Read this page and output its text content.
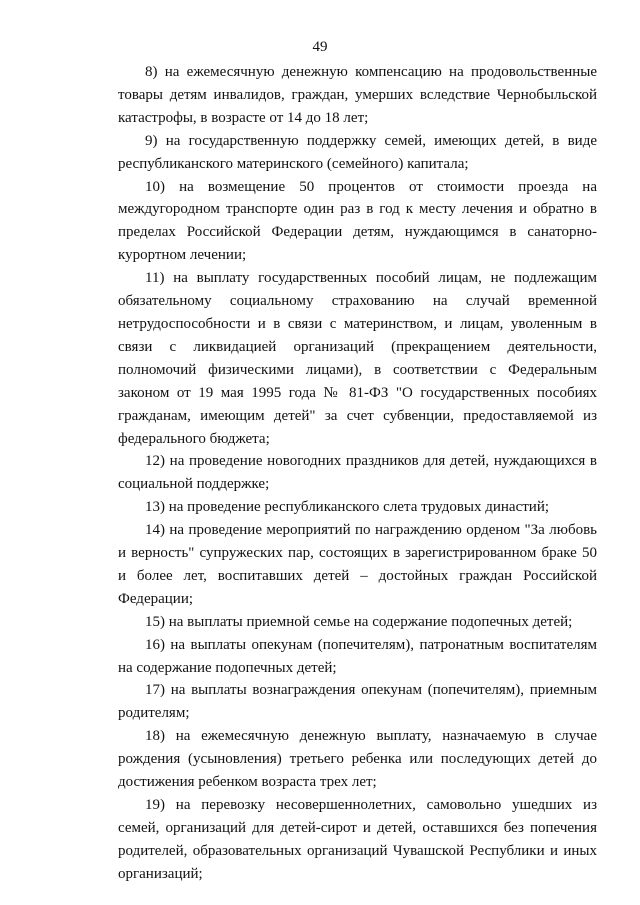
49

8) на ежемесячную денежную компенсацию на продовольственные товары детям инвалидов, граждан, умерших вследствие Чернобыльской катастрофы, в возрасте от 14 до 18 лет;

9) на государственную поддержку семей, имеющих детей, в виде республиканского материнского (семейного) капитала;

10) на возмещение 50 процентов от стоимости проезда на междугородном транспорте один раз в год к месту лечения и обратно в пределах Российской Федерации детям, нуждающимся в санаторно-курортном лечении;

11) на выплату государственных пособий лицам, не подлежащим обязательному социальному страхованию на случай временной нетрудоспособности и в связи с материнством, и лицам, уволенным в связи с ликвидацией организаций (прекращением деятельности, полномочий физическими лицами), в соответствии с Федеральным законом от 19 мая 1995 года № 81-ФЗ "О государственных пособиях гражданам, имеющим детей" за счет субвенции, предоставляемой из федерального бюджета;

12) на проведение новогодних праздников для детей, нуждающихся в социальной поддержке;

13) на проведение республиканского слета трудовых династий;

14) на проведение мероприятий по награждению орденом "За любовь и верность" супружеских пар, состоящих в зарегистрированном браке 50 и более лет, воспитавших детей – достойных граждан Российской Федерации;

15) на выплаты приемной семье на содержание подопечных детей;

16) на выплаты опекунам (попечителям), патронатным воспитателям на содержание подопечных детей;

17) на выплаты вознаграждения опекунам (попечителям), приемным родителям;

18) на ежемесячную денежную выплату, назначаемую в случае рождения (усыновления) третьего ребенка или последующих детей до достижения ребенком возраста трех лет;

19) на перевозку несовершеннолетних, самовольно ушедших из семей, организаций для детей-сирот и детей, оставшихся без попечения родителей, образовательных организаций Чувашской Республики и иных организаций;
